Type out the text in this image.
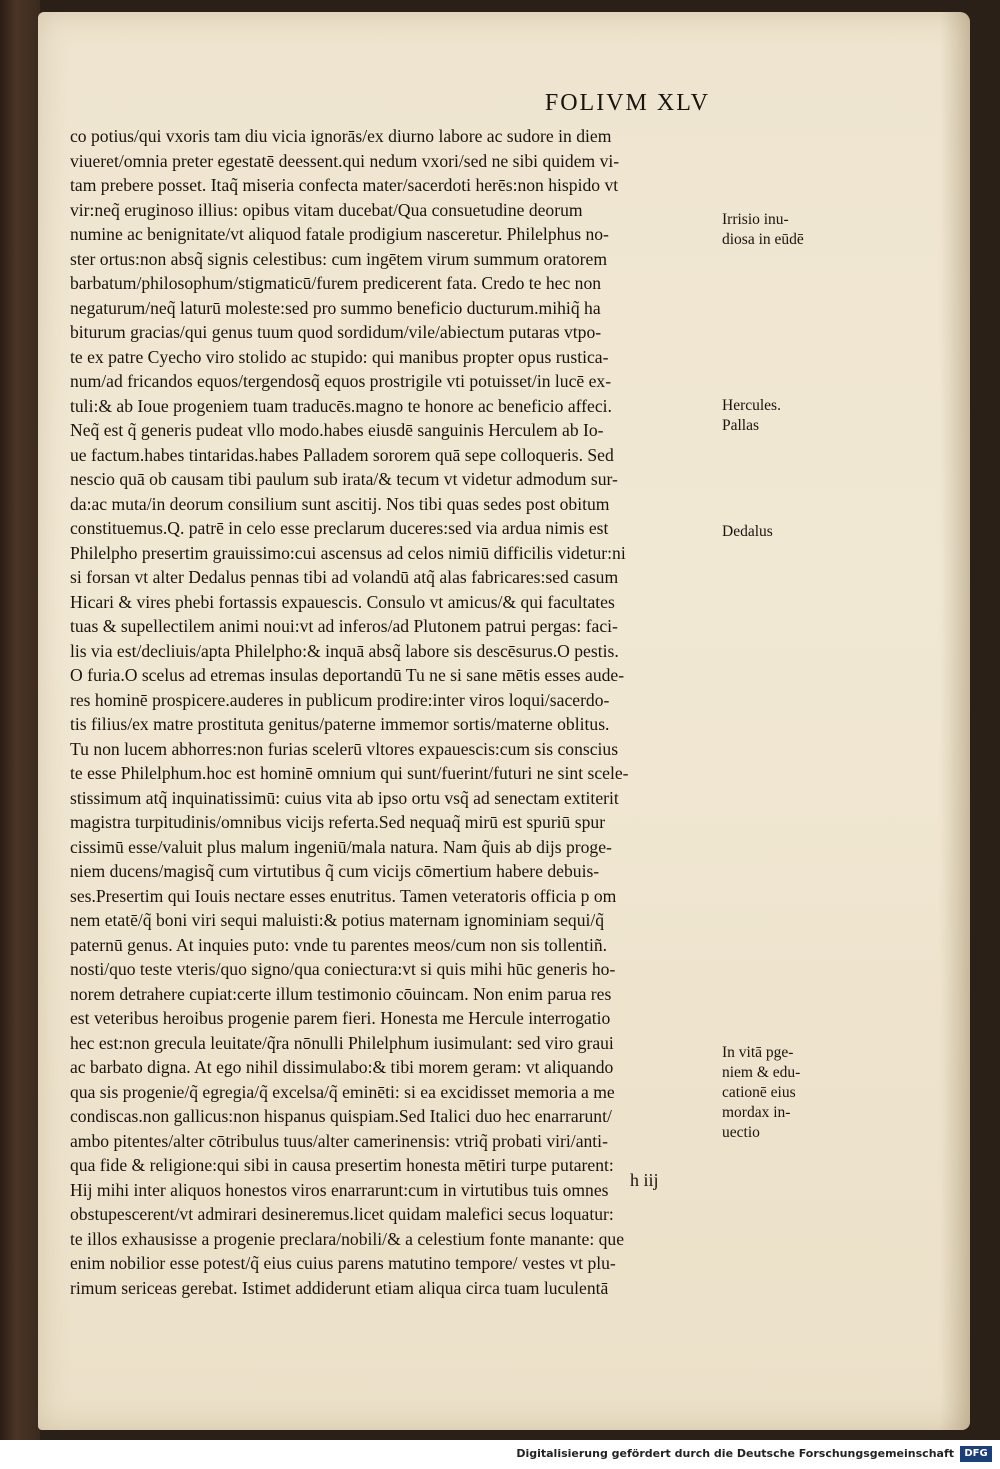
FOLIVM XLV
co potius/qui vxoris tam diu vicia ignorās/ex diurno labore ac sudore in diem
viueret/omnia preter egestatē deessent.qui nedum vxori/sed ne sibi quidem vi-
tam prebere posset. Itaq̃ miseria confecta mater/sacerdoti herēs:non hispido vt
vir:neq̃ eruginoso illius: opibus vitam ducebat/Qua consuetudine deorum
numine ac benignitate/vt aliquod fatale prodigium nasceretur. Philelphus no-
ster ortus:non absq̃ signis celestibus: cum ingētem virum summum oratorem
barbatum/philosophum/stigmaticū/furem predicerent fata. Credo te hec non
negaturum/neq̃ laturū moleste:sed pro summo beneficio ducturum.mihiq̃ ha
biturum gracias/qui genus tuum quod sordidum/vile/abiectum putaras vtpo-
te ex patre Cyecho viro stolido ac stupido: qui manibus propter opus rustica-
num/ad fricandos equos/tergendosq̃ equos prostrigile vti potuisset/in lucē ex-
tuli:& ab Ioue progeniem tuam traducēs.magno te honore ac beneficio affeci.
Neq̃ est q̃ generis pudeat vllo modo.habes eiusdē sanguinis Herculem ab Io-
ue factum.habes tintaridas.habes Palladem sororem quā sepe colloqueris. Sed
nescio quā ob causam tibi paulum sub irata/& tecum vt videtur admodum sur-
da:ac muta/in deorum consilium sunt ascitij. Nos tibi quas sedes post obitum
constituemus.Q. patrē in celo esse preclarum duceres:sed via ardua nimis est
Philelpho presertim grauissimo:cui ascensus ad celos nimiū difficilis videtur:ni
si forsan vt alter Dedalus pennas tibi ad volandū atq̃ alas fabricares:sed casum
Hicari & vires phebi fortassis expauescis. Consulo vt amicus/& qui facultates
tuas & supellectilem animi noui:vt ad inferos/ad Plutonem patrui pergas: faci-
lis via est/decliuis/apta Philelpho:& inquā absq̃ labore sis descēsurus.O pestis.
O furia.O scelus ad etremas insulas deportandū Tu ne si sane mētis esses aude-
res hominē prospicere.auderes in publicum prodire:inter viros loqui/sacerdo-
tis filius/ex matre prostituta genitus/paterne immemor sortis/materne oblitus.
Tu non lucem abhorres:non furias scelerū vltores expauescis:cum sis conscius
te esse Philelphum.hoc est hominē omnium qui sunt/fuerint/futuri ne sint scele-
stissimum atq̃ inquinatissimū: cuius vita ab ipso ortu vsq̃ ad senectam extiterit
magistra turpitudinis/omnibus vicijs referta.Sed nequaq̃ mirū est spuriū spur
cissimū esse/valuit plus malum ingeniū/mala natura. Nam q̃uis ab dijs proge-
niem ducens/magisq̃ cum virtutibus q̃ cum vicijs cōmertium habere debuis-
ses.Presertim qui Iouis nectare esses enutritus. Tamen veteratoris officia p om
nem etatē/q̃ boni viri sequi maluisti:& potius maternam ignominiam sequi/q̃
paternū genus. At inquies puto: vnde tu parentes meos/cum non sis tollentiñ.
nosti/quo teste vteris/quo signo/qua coniectura:vt si quis mihi hūc generis ho-
norem detrahere cupiat:certe illum testimonio cōuincam. Non enim parua res
est veteribus heroibus progenie parem fieri. Honesta me Hercule interrogatio
hec est:non grecula leuitate/q̃ra nōnulli Philelphum iusimulant: sed viro graui
ac barbato digna. At ego nihil dissimulabo:& tibi morem geram: vt aliquando
qua sis progenie/q̃ egregia/q̃ excelsa/q̃ eminēti: si ea excidisset memoria a me
condiscas.non gallicus:non hispanus quispiam.Sed Italici duo hec enarrarunt/
ambo pitentes/alter cōtribulus tuus/alter camerinensis: vtriq̃ probati viri/anti-
qua fide & religione:qui sibi in causa presertim honesta mētiri turpe putarent:
Hij mihi inter aliquos honestos viros enarrarunt:cum in virtutibus tuis omnes
obstupescerent/vt admirari desineremus.licet quidam malefici secus loquatur:
te illos exhausisse a progenie preclara/nobili/& a celestium fonte manante: que
enim nobilior esse potest/q̃ eius cuius parens matutino tempore/ vestes vt plu-
rimum sericeas gerebat. Istimet addiderunt etiam aliqua circa tuam luculentā
Irrisio inu-
diosa in eūdē
Hercules.
Pallas
Dedalus
In vitā pge-
niem & edu-
cationē eius
mordax in-
uectio
h iij
Digitalisierung gefördert durch die Deutsche Forschungsgemeinschaft	DFG
